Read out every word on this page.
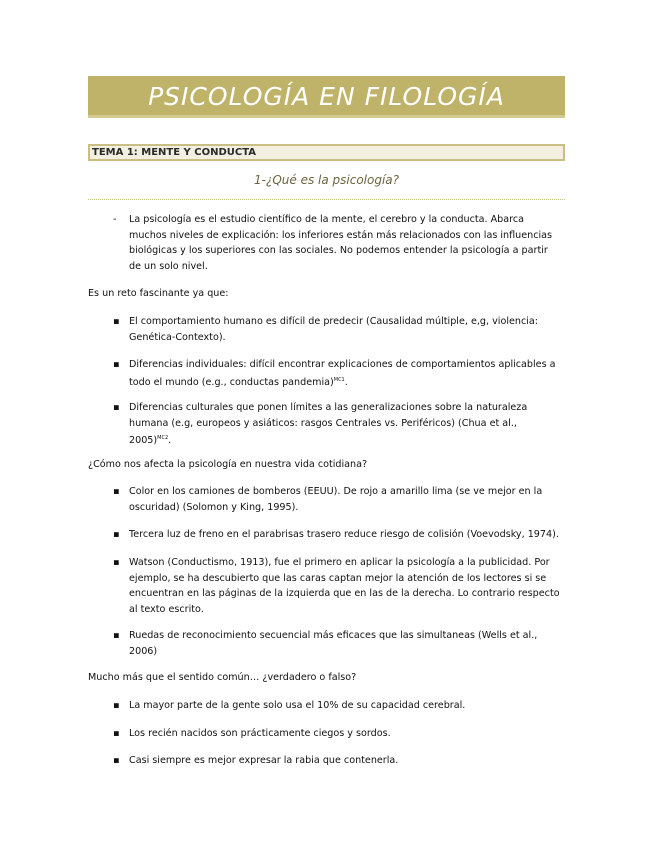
PSICOLOGÍA EN FILOLOGÍA
TEMA 1: MENTE Y CONDUCTA
1-¿Qué es la psicología?
- La psicología es el estudio científico de la mente, el cerebro y la conducta. Abarca muchos niveles de explicación: los inferiores están más relacionados con las influencias biológicas y los superiores con las sociales. No podemos entender la psicología a partir de un solo nivel.
Es un reto fascinante ya que:
▪ El comportamiento humano es difícil de predecir (Causalidad múltiple, e,g, violencia: Genética-Contexto).
▪ Diferencias individuales: difícil encontrar explicaciones de comportamientos aplicables a todo el mundo (e.g., conductas pandemia)$^{MC1}$.
▪ Diferencias culturales que ponen límites a las generalizaciones sobre la naturaleza humana (e.g, europeos y asiáticos: rasgos Centrales vs. Periféricos) (Chua et al., 2005)$^{MC2}$.
¿Cómo nos afecta la psicología en nuestra vida cotidiana?
▪ Color en los camiones de bomberos (EEUU). De rojo a amarillo lima (se ve mejor en la oscuridad) (Solomon y King, 1995).
▪ Tercera luz de freno en el parabrisas trasero reduce riesgo de colisión (Voevodsky, 1974).
▪ Watson (Conductismo, 1913), fue el primero en aplicar la psicología a la publicidad. Por ejemplo, se ha descubierto que las caras captan mejor la atención de los lectores si se encuentran en las páginas de la izquierda que en las de la derecha. Lo contrario respecto al texto escrito.
▪ Ruedas de reconocimiento secuencial más eficaces que las simultaneas (Wells et al., 2006)
Mucho más que el sentido común… ¿verdadero o falso?
▪ La mayor parte de la gente solo usa el 10% de su capacidad cerebral.
▪ Los recién nacidos son prácticamente ciegos y sordos.
▪ Casi siempre es mejor expresar la rabia que contenerla.
